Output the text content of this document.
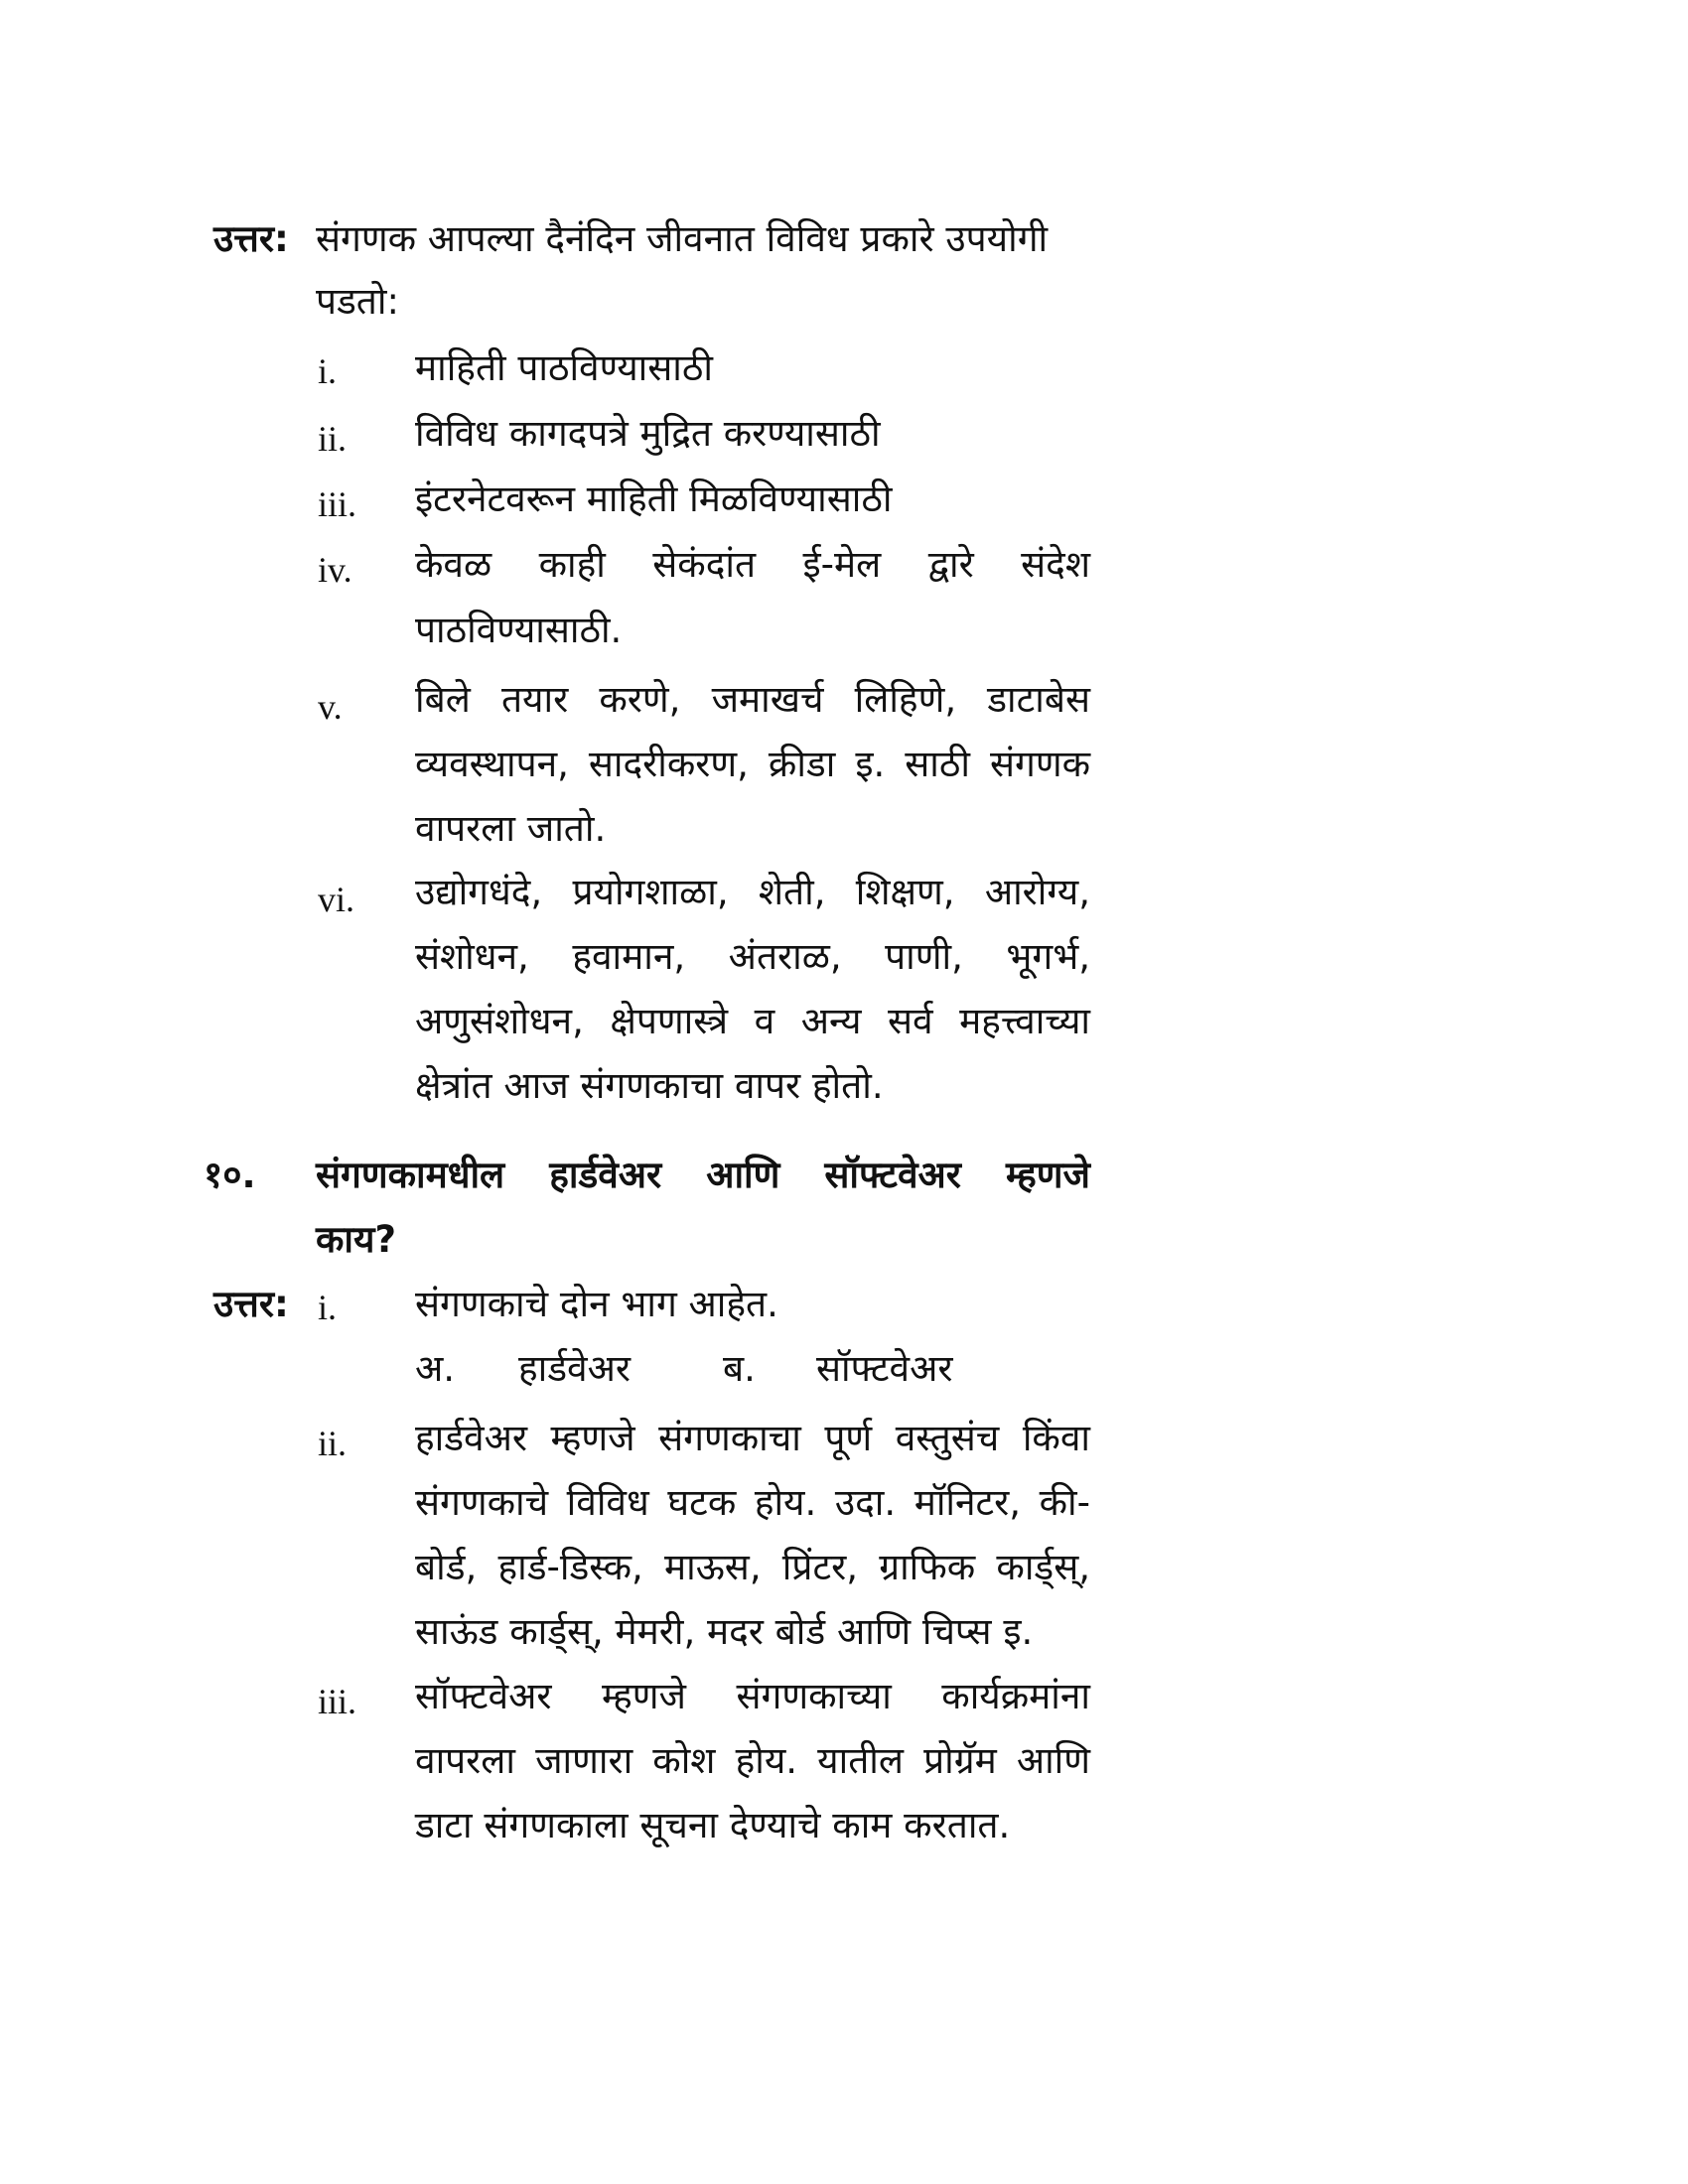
उत्तर: संगणक आपल्या दैनंदिन जीवनात विविध प्रकारे उपयोगी
पडतो:
i. माहिती पाठविण्यासाठी
ii. विविध कागदपत्रे मुद्रित करण्यासाठी
iii. इंटरनेटवरून माहिती मिळविण्यासाठी
iv. केवळ काही सेकंदांत ई-मेल द्वारे संदेश
पाठविण्यासाठी.
v. बिले तयार करणे, जमाखर्च लिहिणे, डाटाबेस
व्यवस्थापन, सादरीकरण, क्रीडा इ. साठी संगणक
वापरला जातो.
vi. उद्योगधंदे, प्रयोगशाळा, शेती, शिक्षण, आरोग्य,
संशोधन, हवामान, अंतराळ, पाणी, भूगर्भ,
अणुसंशोधन, क्षेपणास्त्रे व अन्य सर्व महत्त्वाच्या
क्षेत्रांत आज संगणकाचा वापर होतो.
१०. संगणकामधील हार्डवेअर आणि सॉफ्टवेअर म्हणजे
काय?
उत्तर: i. संगणकाचे दोन भाग आहेत.
अ. हार्डवेअर	ब. सॉफ्टवेअर
ii. हार्डवेअर म्हणजे संगणकाचा पूर्ण वस्तुसंच किंवा
संगणकाचे विविध घटक होय. उदा. मॉनिटर, की-
बोर्ड, हार्ड-डिस्क, माऊस, प्रिंटर, ग्राफिक कार्ड्स्,
साऊंड कार्ड्स्, मेमरी, मदर बोर्ड आणि चिप्स इ.
iii. सॉफ्टवेअर म्हणजे संगणकाच्या कार्यक्रमांना
वापरला जाणारा कोश होय. यातील प्रोग्रॅम आणि
डाटा संगणकाला सूचना देण्याचे काम करतात.
